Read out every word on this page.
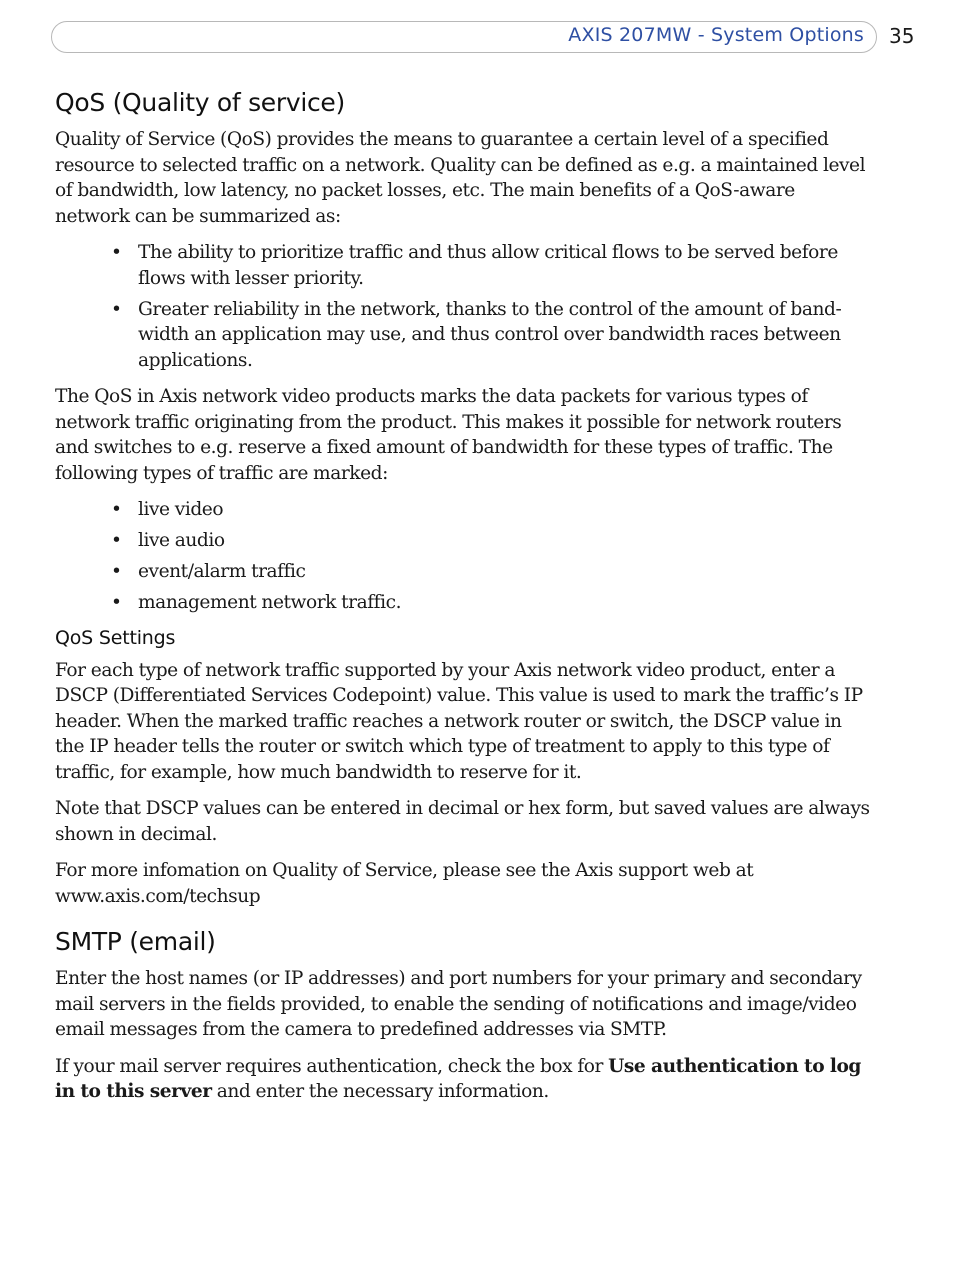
AXIS 207MW - System Options 35
QoS (Quality of service)

Quality of Service (QoS) provides the means to guarantee a certain level of a specified resource to selected traffic on a network. Quality can be defined as e.g. a maintained level of bandwidth, low latency, no packet losses, etc. The main benefits of a QoS-aware network can be summarized as:

• The ability to prioritize traffic and thus allow critical flows to be served before flows with lesser priority.
• Greater reliability in the network, thanks to the control of the amount of band-width an application may use, and thus control over bandwidth races between applications.

The QoS in Axis network video products marks the data packets for various types of network traffic originating from the product. This makes it possible for network routers and switches to e.g. reserve a fixed amount of bandwidth for these types of traffic. The following types of traffic are marked:

• live video
• live audio
• event/alarm traffic
• management network traffic.
QoS Settings

For each type of network traffic supported by your Axis network video product, enter a DSCP (Differentiated Services Codepoint) value. This value is used to mark the traffic’s IP header. When the marked traffic reaches a network router or switch, the DSCP value in the IP header tells the router or switch which type of treatment to apply to this type of traffic, for example, how much bandwidth to reserve for it.

Note that DSCP values can be entered in decimal or hex form, but saved values are always shown in decimal.

For more infomation on Quality of Service, please see the Axis support web at www.axis.com/techsup

SMTP (email)

Enter the host names (or IP addresses) and port numbers for your primary and secondary mail servers in the fields provided, to enable the sending of notifications and image/video email messages from the camera to predefined addresses via SMTP.

If your mail server requires authentication, check the box for Use authentication to log in to this server and enter the necessary information.
